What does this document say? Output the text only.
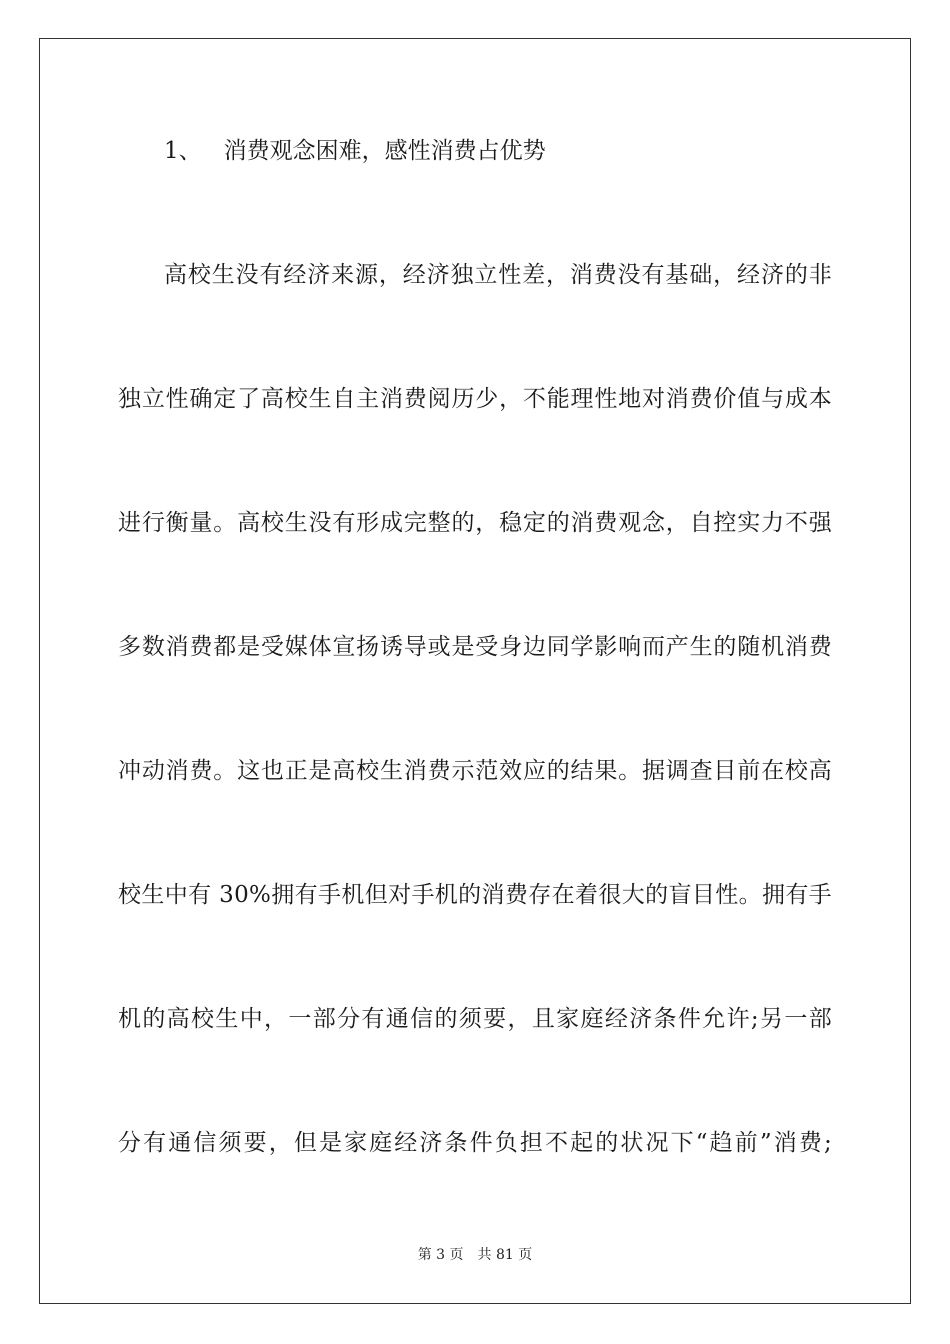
1、 消费观念困难，感性消费占优势
高校生没有经济来源，经济独立性差，消费没有基础，经济的非
独立性确定了高校生自主消费阅历少，不能理性地对消费价值与成本
进行衡量。高校生没有形成完整的，稳定的消费观念，自控实力不强
多数消费都是受媒体宣扬诱导或是受身边同学影响而产生的随机消费
冲动消费。这也正是高校生消费示范效应的结果。据调查目前在校高
校生中有 30%拥有手机但对手机的消费存在着很大的盲目性。拥有手
机的高校生中，一部分有通信的须要，且家庭经济条件允许;另一部
分有通信须要，但是家庭经济条件负担不起的状况下“趋前”消费;
第 3 页 共 81 页
